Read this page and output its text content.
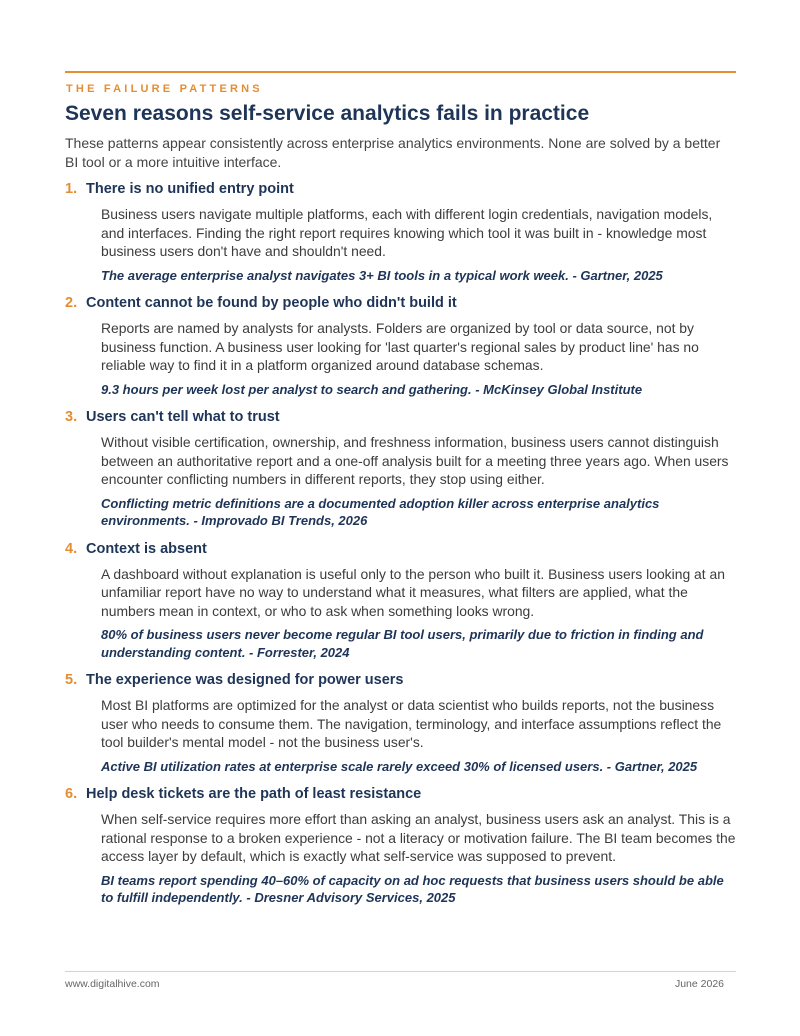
THE FAILURE PATTERNS
Seven reasons self-service analytics fails in practice

These patterns appear consistently across enterprise analytics environments. None are solved by a better BI tool or a more intuitive interface.

1. There is no unified entry point
Business users navigate multiple platforms, each with different login credentials, navigation models, and interfaces. Finding the right report requires knowing which tool it was built in - knowledge most business users don't have and shouldn't need.
The average enterprise analyst navigates 3+ BI tools in a typical work week. - Gartner, 2025
2. Content cannot be found by people who didn't build it
Reports are named by analysts for analysts. Folders are organized by tool or data source, not by business function. A business user looking for 'last quarter's regional sales by product line' has no reliable way to find it in a platform organized around database schemas.
9.3 hours per week lost per analyst to search and gathering. - McKinsey Global Institute
3. Users can't tell what to trust
Without visible certification, ownership, and freshness information, business users cannot distinguish between an authoritative report and a one-off analysis built for a meeting three years ago. When users encounter conflicting numbers in different reports, they stop using either.
Conflicting metric definitions are a documented adoption killer across enterprise analytics environments. - Improvado BI Trends, 2026
4. Context is absent
A dashboard without explanation is useful only to the person who built it. Business users looking at an unfamiliar report have no way to understand what it measures, what filters are applied, what the numbers mean in context, or who to ask when something looks wrong.
80% of business users never become regular BI tool users, primarily due to friction in finding and understanding content. - Forrester, 2024
5. The experience was designed for power users
Most BI platforms are optimized for the analyst or data scientist who builds reports, not the business user who needs to consume them. The navigation, terminology, and interface assumptions reflect the tool builder's mental model - not the business user's.
Active BI utilization rates at enterprise scale rarely exceed 30% of licensed users. - Gartner, 2025
6. Help desk tickets are the path of least resistance
When self-service requires more effort than asking an analyst, business users ask an analyst. This is a rational response to a broken experience - not a literacy or motivation failure. The BI team becomes the access layer by default, which is exactly what self-service was supposed to prevent.
BI teams report spending 40–60% of capacity on ad hoc requests that business users should be able to fulfill independently. - Dresner Advisory Services, 2025
www.digitalhive.com	June 2026
